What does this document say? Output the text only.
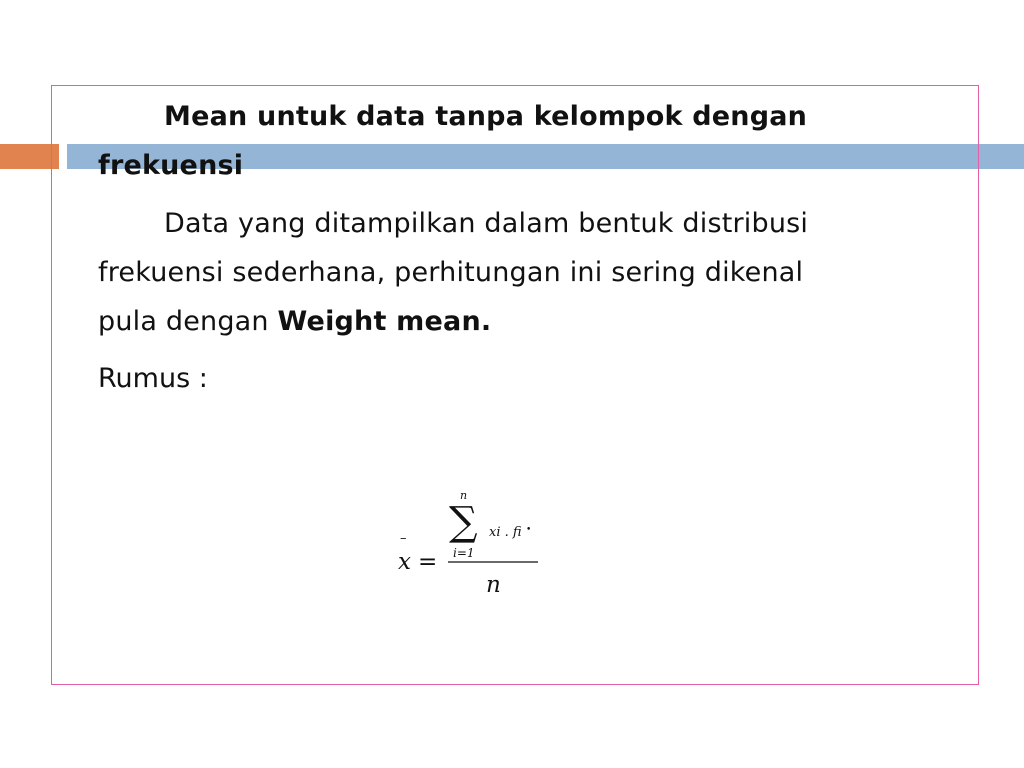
Mean untuk data tanpa kelompok dengan
frekuensi
Data yang ditampilkan dalam bentuk distribusi
frekuensi sederhana, perhitungan ini sering dikenal
pula dengan Weight mean.
Rumus :
–
x =
n
∑
i=1
xi . fi •
n
